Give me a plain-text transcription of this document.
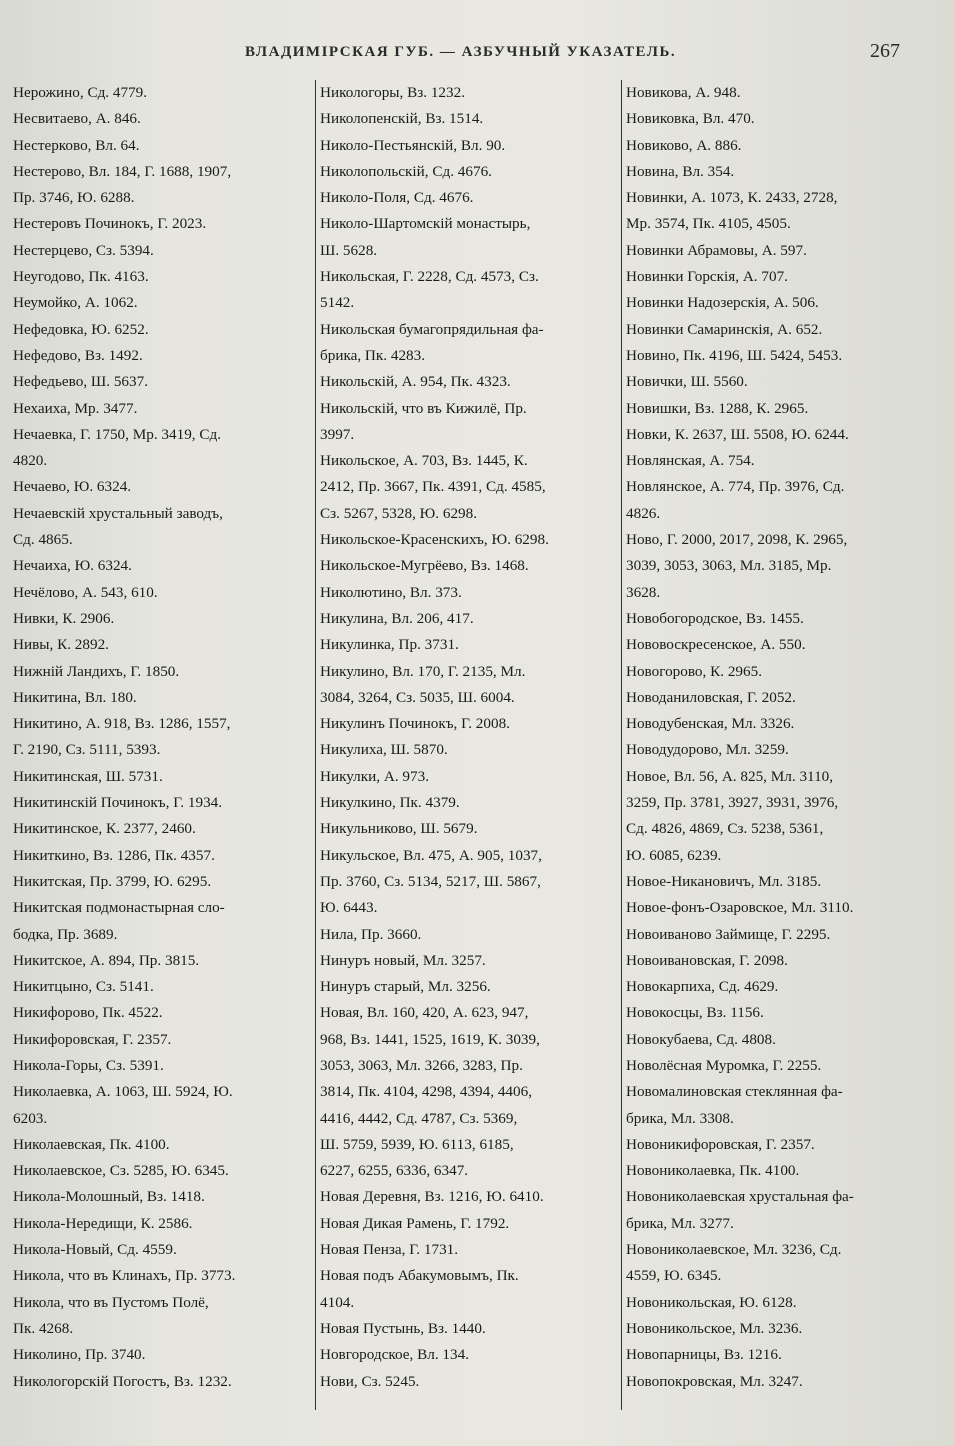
ВЛАДИМІРСКАЯ ГУБ. — АЗБУЧНЫЙ УКАЗАТЕЛЬ.	267
Нерожино, Сд. 4779.
Несвитаево, А. 846.
Нестерково, Вл. 64.
Нестерово, Вл. 184, Г. 1688, 1907,
Пр. 3746, Ю. 6288.
Нестеровъ Починокъ, Г. 2023.
Нестерцево, Сз. 5394.
Неугодово, Пк. 4163.
Неумойко, А. 1062.
Нефедовка, Ю. 6252.
Нефедово, Вз. 1492.
Нефедьево, Ш. 5637.
Нехаиха, Мр. 3477.
Нечаевка, Г. 1750, Мр. 3419, Сд.
4820.
Нечаево, Ю. 6324.
Нечаевскій хрустальный заводъ,
Сд. 4865.
Нечаиха, Ю. 6324.
Нечёлово, А. 543, 610.
Нивки, К. 2906.
Нивы, К. 2892.
Нижній Ландихъ, Г. 1850.
Никитина, Вл. 180.
Никитино, А. 918, Вз. 1286, 1557,
Г. 2190, Сз. 5111, 5393.
Никитинская, Ш. 5731.
Никитинскій Починокъ, Г. 1934.
Никитинское, К. 2377, 2460.
Никиткино, Вз. 1286, Пк. 4357.
Никитская, Пр. 3799, Ю. 6295.
Никитская подмонастырная сло-
бодка, Пр. 3689.
Никитское, А. 894, Пр. 3815.
Никитцыно, Сз. 5141.
Никифорово, Пк. 4522.
Никифоровская, Г. 2357.
Никола-Горы, Сз. 5391.
Николаевка, А. 1063, Ш. 5924, Ю.
6203.
Николаевская, Пк. 4100.
Николаевское, Сз. 5285, Ю. 6345.
Никола-Молошный, Вз. 1418.
Никола-Нередищи, К. 2586.
Никола-Новый, Сд. 4559.
Никола, что въ Клинахъ, Пр. 3773.
Никола, что въ Пустомъ Полё,
Пк. 4268.
Николино, Пр. 3740.
Никологорскій Погостъ, Вз. 1232.
Никологоры, Вз. 1232.
Николопенскій, Вз. 1514.
Николо-Пестьянскій, Вл. 90.
Николопольскій, Сд. 4676.
Николо-Поля, Сд. 4676.
Николо-Шартомскій монастырь,
Ш. 5628.
Никольская, Г. 2228, Сд. 4573, Сз.
5142.
Никольская бумагопрядильная фа-
брика, Пк. 4283.
Никольскій, А. 954, Пк. 4323.
Никольскій, что въ Кижилё, Пр.
3997.
Никольское, А. 703, Вз. 1445, К.
2412, Пр. 3667, Пк. 4391, Сд. 4585,
Сз. 5267, 5328, Ю. 6298.
Никольское-Красенскихъ, Ю. 6298.
Никольское-Мугрёево, Вз. 1468.
Николютино, Вл. 373.
Никулина, Вл. 206, 417.
Никулинка, Пр. 3731.
Никулино, Вл. 170, Г. 2135, Мл.
3084, 3264, Сз. 5035, Ш. 6004.
Никулинъ Починокъ, Г. 2008.
Никулиха, Ш. 5870.
Никулки, А. 973.
Никулкино, Пк. 4379.
Никульниково, Ш. 5679.
Никульское, Вл. 475, А. 905, 1037,
Пр. 3760, Сз. 5134, 5217, Ш. 5867,
Ю. 6443.
Нила, Пр. 3660.
Нинуръ новый, Мл. 3257.
Нинуръ старый, Мл. 3256.
Новая, Вл. 160, 420, А. 623, 947,
968, Вз. 1441, 1525, 1619, К. 3039,
3053, 3063, Мл. 3266, 3283, Пр.
3814, Пк. 4104, 4298, 4394, 4406,
4416, 4442, Сд. 4787, Сз. 5369,
Ш. 5759, 5939, Ю. 6113, 6185,
6227, 6255, 6336, 6347.
Новая Деревня, Вз. 1216, Ю. 6410.
Новая Дикая Рамень, Г. 1792.
Новая Пенза, Г. 1731.
Новая подъ Абакумовымъ, Пк.
4104.
Новая Пустынь, Вз. 1440.
Новгородское, Вл. 134.
Нови, Сз. 5245.
Новикова, А. 948.
Новиковка, Вл. 470.
Новиково, А. 886.
Новина, Вл. 354.
Новинки, А. 1073, К. 2433, 2728,
Мр. 3574, Пк. 4105, 4505.
Новинки Абрамовы, А. 597.
Новинки Горскія, А. 707.
Новинки Надозерскія, А. 506.
Новинки Самаринскія, А. 652.
Новино, Пк. 4196, Ш. 5424, 5453.
Новички, Ш. 5560.
Новишки, Вз. 1288, К. 2965.
Новки, К. 2637, Ш. 5508, Ю. 6244.
Новлянская, А. 754.
Новлянское, А. 774, Пр. 3976, Сд.
4826.
Ново, Г. 2000, 2017, 2098, К. 2965,
3039, 3053, 3063, Мл. 3185, Мр.
3628.
Новобогородское, Вз. 1455.
Нововоскресенское, А. 550.
Новогорово, К. 2965.
Новоданиловская, Г. 2052.
Новодубенская, Мл. 3326.
Новодудорово, Мл. 3259.
Новое, Вл. 56, А. 825, Мл. 3110,
3259, Пр. 3781, 3927, 3931, 3976,
Сд. 4826, 4869, Сз. 5238, 5361,
Ю. 6085, 6239.
Новое-Никановичъ, Мл. 3185.
Новое-фонъ-Озаровское, Мл. 3110.
Новоиваново Займище, Г. 2295.
Новоивановская, Г. 2098.
Новокарпиха, Сд. 4629.
Новокосцы, Вз. 1156.
Новокубаева, Сд. 4808.
Новолёсная Муромка, Г. 2255.
Новомалиновская стеклянная фа-
брика, Мл. 3308.
Новоникифоровская, Г. 2357.
Новониколаевка, Пк. 4100.
Новониколаевская хрустальная фа-
брика, Мл. 3277.
Новониколаевское, Мл. 3236, Сд.
4559, Ю. 6345.
Новоникольская, Ю. 6128.
Новоникольское, Мл. 3236.
Новопарницы, Вз. 1216.
Новопокровская, Мл. 3247.
